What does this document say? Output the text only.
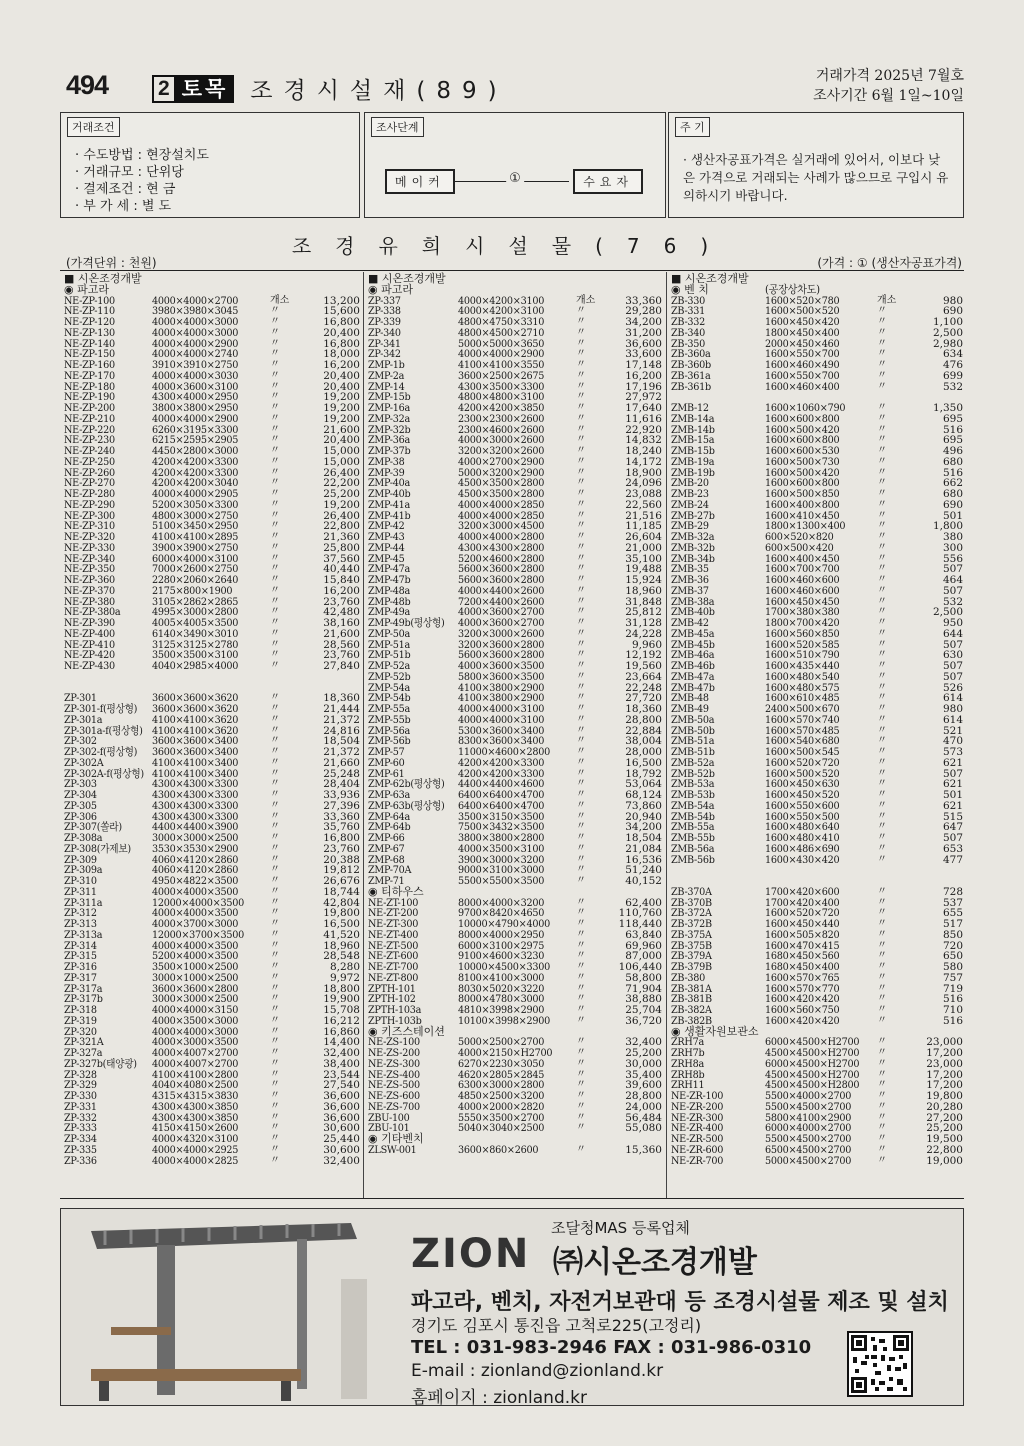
494 2 토목 조경시설재(89)
거래가격 2025년 7월호
조사기간 6월 1일~10일
거래조건
· 수도방법 : 현장설치도
· 거래규모 : 단위당
· 결제조건 : 현 금
· 부 가 세 : 별 도
조사단계
메이커	①	수요자
주 기
· 생산자공표가격은 실거래에 있어서, 이보다 낮은 가격으로 거래되는 사례가 많으므로 구입시 유의하시기 바랍니다.
조경유희시설물(76)
(가격단위 : 천원)	(가격 : ① (생산자공표가격)
■ 시온조경개발
◉ 파고라
NE-ZP-100	4000×4000×2700	개소	13,200
NE-ZP-110	3980×3980×3045	〃	15,600
NE-ZP-120	4000×4000×3000	〃	16,800
NE-ZP-130	4000×4000×3000	〃	20,400
NE-ZP-140	4000×4000×2900	〃	16,800
NE-ZP-150	4000×4000×2740	〃	18,000
NE-ZP-160	3910×3910×2750	〃	16,200
NE-ZP-170	4000×4000×3030	〃	20,400
NE-ZP-180	4000×3600×3100	〃	20,400
NE-ZP-190	4300×4000×2950	〃	19,200
NE-ZP-200	3800×3800×2950	〃	19,200
NE-ZP-210	4000×4000×2900	〃	19,200
NE-ZP-220	6260×3195×3300	〃	21,600
NE-ZP-230	6215×2595×2905	〃	20,400
NE-ZP-240	4450×2800×3000	〃	15,000
NE-ZP-250	4200×4200×3300	〃	15,000
NE-ZP-260	4200×4200×3300	〃	26,400
NE-ZP-270	4200×4200×3040	〃	22,200
NE-ZP-280	4000×4000×2905	〃	25,200
NE-ZP-290	5200×3050×3300	〃	19,200
NE-ZP-300	4800×3000×2750	〃	26,400
NE-ZP-310	5100×3450×2950	〃	22,800
NE-ZP-320	4100×4100×2895	〃	21,360
NE-ZP-330	3900×3900×2750	〃	25,800
NE-ZP-340	6000×4000×3100	〃	37,560
NE-ZP-350	7000×2600×2750	〃	40,440
NE-ZP-360	2280×2060×2640	〃	15,840
NE-ZP-370	2175×800×1900	〃	16,200
NE-ZP-380	3105×2862×2865	〃	23,760
NE-ZP-380a	4995×3000×2800	〃	42,480
NE-ZP-390	4005×4005×3500	〃	38,160
NE-ZP-400	6140×3490×3010	〃	21,600
NE-ZP-410	3125×3125×2780	〃	28,560
NE-ZP-420	3500×3500×3100	〃	23,760
NE-ZP-430	4040×2985×4000	〃	27,840
ZP-301	3600×3600×3620	〃	18,360
ZP-301-f(평상형) 3600×3600×3620	〃	21,444
ZP-301a	4100×4100×3620	〃	21,372
ZP-301a-f(평상형) 4100×4100×3620	〃	24,816
ZP-302	3600×3600×3400	〃	18,504
ZP-302-f(평상형) 3600×3600×3400	〃	21,372
ZP-302A	4100×4100×3400	〃	21,660
ZP-302A-f(평상형) 4100×4100×3400	〃	25,248
ZP-303	4300×4300×3300	〃	28,404
ZP-304	4300×4300×3300	〃	33,936
ZP-305	4300×4300×3300	〃	27,396
ZP-306	4300×4300×3300	〃	33,360
ZP-307(쏠라)	4400×4400×3900	〃	35,760
ZP-308a	3000×3000×2500	〃	16,800
ZP-308(가제보) 3530×3530×2900	〃	23,760
ZP-309	4060×4120×2860	〃	20,388
ZP-309a	4060×4120×2860	〃	19,812
ZP-310	4950×4822×3500	〃	26,676
ZP-311	4000×4000×3500	〃	18,744
ZP-311a	12000×4000×3500	〃	42,804
ZP-312	4000×4000×3500	〃	19,800
ZP-313	4000×3700×3000	〃	16,500
ZP-313a	12000×3700×3500	〃	41,520
ZP-314	4000×4000×3500	〃	18,960
ZP-315	5200×4000×3500	〃	28,548
ZP-316	3500×1000×2500	〃	8,280
ZP-317	3000×1000×2500	〃	9,972
ZP-317a	3600×3600×2800	〃	18,800
ZP-317b	3000×3000×2500	〃	19,900
ZP-318	4000×4000×3150	〃	15,708
ZP-319	4000×3500×3000	〃	16,212
ZP-320	4000×4000×3000	〃	16,860
ZP-321A	4000×3000×3500	〃	14,400
ZP-327a	4000×4007×2700	〃	32,400
ZP-327b(태양광) 4000×4007×2700	〃	38,400
ZP-328	4100×4100×2800	〃	23,544
ZP-329	4040×4080×2500	〃	27,540
ZP-330	4315×4315×3830	〃	36,600
ZP-331	4300×4300×3850	〃	36,600
ZP-332	4300×4300×3850	〃	36,600
ZP-333	4150×4150×2600	〃	30,600
ZP-334	4000×4320×3100	〃	25,440
ZP-335	4000×4000×2925	〃	30,600
ZP-336	4000×4000×2825	〃	32,400
■ 시온조경개발
◉ 파고라
ZP-337	4000×4200×3100	개소	33,360
ZP-338	4000×4200×3100	〃	29,280
ZP-339	4800×4750×3310	〃	34,200
ZP-340	4800×4500×2710	〃	31,200
ZP-341	5000×5000×3650	〃	36,600
ZP-342	4000×4000×2900	〃	33,600
ZMP-1b	4100×4100×3550	〃	17,148
ZMP-2a	3600×2500×2675	〃	16,200
ZMP-14	4300×3500×3300	〃	17,196
ZMP-15b	4800×4800×3100	〃	27,972
ZMP-16a	4200×4200×3850	〃	17,640
ZMP-32a	2300×2300×2600	〃	11,616
ZMP-32b	2300×4600×2600	〃	22,920
ZMP-36a	4000×3000×2600	〃	14,832
ZMP-37b	3200×3200×2600	〃	18,240
ZMP-38	4000×2700×2900	〃	14,172
ZMP-39	5000×3200×2900	〃	18,900
ZMP-40a	4500×3500×2800	〃	24,096
ZMP-40b	4500×3500×2800	〃	23,088
ZMP-41a	4000×4000×2850	〃	22,560
ZMP-41b	4000×4000×2850	〃	21,516
ZMP-42	3200×3000×4500	〃	11,185
ZMP-43	4000×4000×2800	〃	26,604
ZMP-44	4300×4300×2800	〃	21,000
ZMP-45	5200×4600×2800	〃	35,100
ZMP-47a	5600×3600×2800	〃	19,488
ZMP-47b	5600×3600×2800	〃	15,924
ZMP-48a	4000×4400×2600	〃	18,960
ZMP-48b	7200×4400×2600	〃	31,848
ZMP-49a	4000×3600×2700	〃	25,812
ZMP-49b(평상형) 4000×3600×2700	〃	31,128
ZMP-50a	3200×3000×2600	〃	24,228
ZMP-51a	3200×3600×2800	〃	9,960
ZMP-51b	5600×3600×2800	〃	12,192
ZMP-52a	4000×3600×3500	〃	19,560
ZMP-52b	5800×3600×3500	〃	23,664
ZMP-54a	4100×3800×2900	〃	22,248
ZMP-54b	4100×3800×2900	〃	27,720
ZMP-55a	4000×4000×3100	〃	18,360
ZMP-55b	4000×4000×3100	〃	28,800
ZMP-56a	5300×3600×3400	〃	22,884
ZMP-56b	8300×3600×3400	〃	38,004
ZMP-57	11000×4600×2800	〃	28,000
ZMP-60	4200×4200×3300	〃	16,500
ZMP-61	4200×4200×3300	〃	18,792
ZMP-62b(평상형) 4400×4400×4600	〃	53,064
ZMP-63a	6400×6400×4700	〃	68,124
ZMP-63b(평상형) 6400×6400×4700	〃	73,860
ZMP-64a	3500×3150×3500	〃	20,940
ZMP-64b	7500×3432×3500	〃	34,200
ZMP-66	3800×3800×2800	〃	18,504
ZMP-67	4000×3500×3100	〃	21,084
ZMP-68	3900×3000×3200	〃	16,536
ZMP-70A	9000×3100×3000	〃	51,240
ZMP-71	5500×5500×3500	〃	40,152
◉ 티하우스
NE-ZT-100	8000×4000×3200	〃	62,400
NE-ZT-200	9700×8420×4650	〃	110,760
NE-ZT-300	10000×4790×4000	〃	118,440
NE-ZT-400	8000×4000×2950	〃	63,840
NE-ZT-500	6000×3100×2975	〃	69,960
NE-ZT-600	9100×4600×3230	〃	87,000
NE-ZT-700	10000×4500×3300	〃	106,440
NE-ZT-800	8100×4100×3000	〃	58,800
ZPTH-101	8030×5020×3220	〃	71,904
ZPTH-102	8000×4780×3000	〃	38,880
ZPTH-103a	4810×3998×2900	〃	25,704
ZPTH-103b	10100×3998×2900	〃	36,720
◉ 키즈스테이션
NE-ZS-100	5000×2500×2700	〃	32,400
NE-ZS-200	4000×2150×H2700 〃	25,200
NE-ZS-300	6270×2230×3050	〃	30,000
NE-ZS-400	4620×2805×2845	〃	35,400
NE-ZS-500	6300×3000×2800	〃	39,600
NE-ZS-600	4850×2500×3200	〃	28,800
NE-ZS-700	4000×2000×2820	〃	24,000
ZBU-100	5550×3500×2700	〃	56,484
ZBU-101	5040×3040×2500	〃	55,080
◉ 기타벤치
ZLSW-001	3600×860×2600	〃	15,360
■ 시온조경개발
◉ 벤 치	(공장상차도)
ZB-330	1600×520×780	개소	980
ZB-331	1600×500×520	〃	690
ZB-332	1600×450×420	〃	1,100
ZB-340	1800×450×400	〃	2,500
ZB-350	2000×450×460	〃	2,980
ZB-360a	1600×550×700	〃	634
ZB-360b	1600×460×490	〃	476
ZB-361a	1600×550×700	〃	699
ZB-361b	1600×460×400	〃	532
ZMB-12	1600×1060×790	〃	1,350
ZMB-14a	1600×600×800	〃	695
ZMB-14b	1600×500×420	〃	516
ZMB-15a	1600×600×800	〃	695
ZMB-15b	1600×600×530	〃	496
ZMB-19a	1600×500×730	〃	680
ZMB-19b	1600×500×420	〃	516
ZMB-20	1600×600×800	〃	662
ZMB-23	1600×500×850	〃	680
ZMB-24	1600×400×800	〃	690
ZMB-27b	1600×410×450	〃	501
ZMB-29	1800×1300×400	〃	1,800
ZMB-32a	600×520×820	〃	380
ZMB-32b	600×500×420	〃	300
ZMB-34b	1600×400×450	〃	556
ZMB-35	1600×700×700	〃	507
ZMB-36	1600×460×600	〃	464
ZMB-37	1600×460×600	〃	507
ZMB-38a	1600×450×450	〃	532
ZMB-40b	1700×380×380	〃	2,500
ZMB-42	1800×700×420	〃	950
ZMB-45a	1600×560×850	〃	644
ZMB-45b	1600×520×585	〃	507
ZMB-46a	1600×510×790	〃	630
ZMB-46b	1600×435×440	〃	507
ZMB-47a	1600×480×540	〃	507
ZMB-47b	1600×480×575	〃	526
ZMB-48	1600×610×485	〃	614
ZMB-49	2400×500×670	〃	980
ZMB-50a	1600×570×740	〃	614
ZMB-50b	1600×570×485	〃	521
ZMB-51a	1600×540×680	〃	470
ZMB-51b	1600×500×545	〃	573
ZMB-52a	1600×520×720	〃	621
ZMB-52b	1600×500×520	〃	507
ZMB-53a	1600×450×630	〃	621
ZMB-53b	1600×450×520	〃	501
ZMB-54a	1600×550×600	〃	621
ZMB-54b	1600×550×500	〃	515
ZMB-55a	1600×480×640	〃	647
ZMB-55b	1600×480×410	〃	507
ZMB-56a	1600×486×690	〃	653
ZMB-56b	1600×430×420	〃	477
ZB-370A	1700×420×600	〃	728
ZB-370B	1700×420×400	〃	537
ZB-372A	1600×520×720	〃	655
ZB-372B	1600×450×440	〃	517
ZB-375A	1600×505×820	〃	850
ZB-375B	1600×470×415	〃	720
ZB-379A	1680×450×560	〃	650
ZB-379B	1680×450×400	〃	580
ZB-380	1600×570×765	〃	757
ZB-381A	1600×570×770	〃	719
ZB-381B	1600×420×420	〃	516
ZB-382A	1600×560×750	〃	710
ZB-382B	1600×420×420	〃	516
◉ 생활자원보관소
ZRH7a	6000×4500×H2700 〃	23,000
ZRH7b	4500×4500×H2700 〃	17,200
ZRH8a	6000×4500×H2700 〃	23,000
ZRH8b	4500×4500×H2700 〃	17,200
ZRH11	4500×4500×H2800 〃	17,200
NE-ZR-100	5500×4000×2700	〃	19,800
NE-ZR-200	5500×4500×2700	〃	20,280
NE-ZR-300	5800×4100×2900	〃	27,200
NE-ZR-400	6000×4000×2700	〃	25,200
NE-ZR-500	5500×4500×2700	〃	19,500
NE-ZR-600	6500×4500×2700	〃	22,800
NE-ZR-700	5000×4500×2700	〃	19,000
조달청MAS 등록업체
ZION ㈜시온조경개발
파고라, 벤치, 자전거보관대 등 조경시설물 제조 및 설치
경기도 김포시 통진읍 고척로225(고정리)
TEL : 031-983-2946 FAX : 031-986-0310
E-mail : zionland@zionland.kr
홈페이지 : zionland.kr
